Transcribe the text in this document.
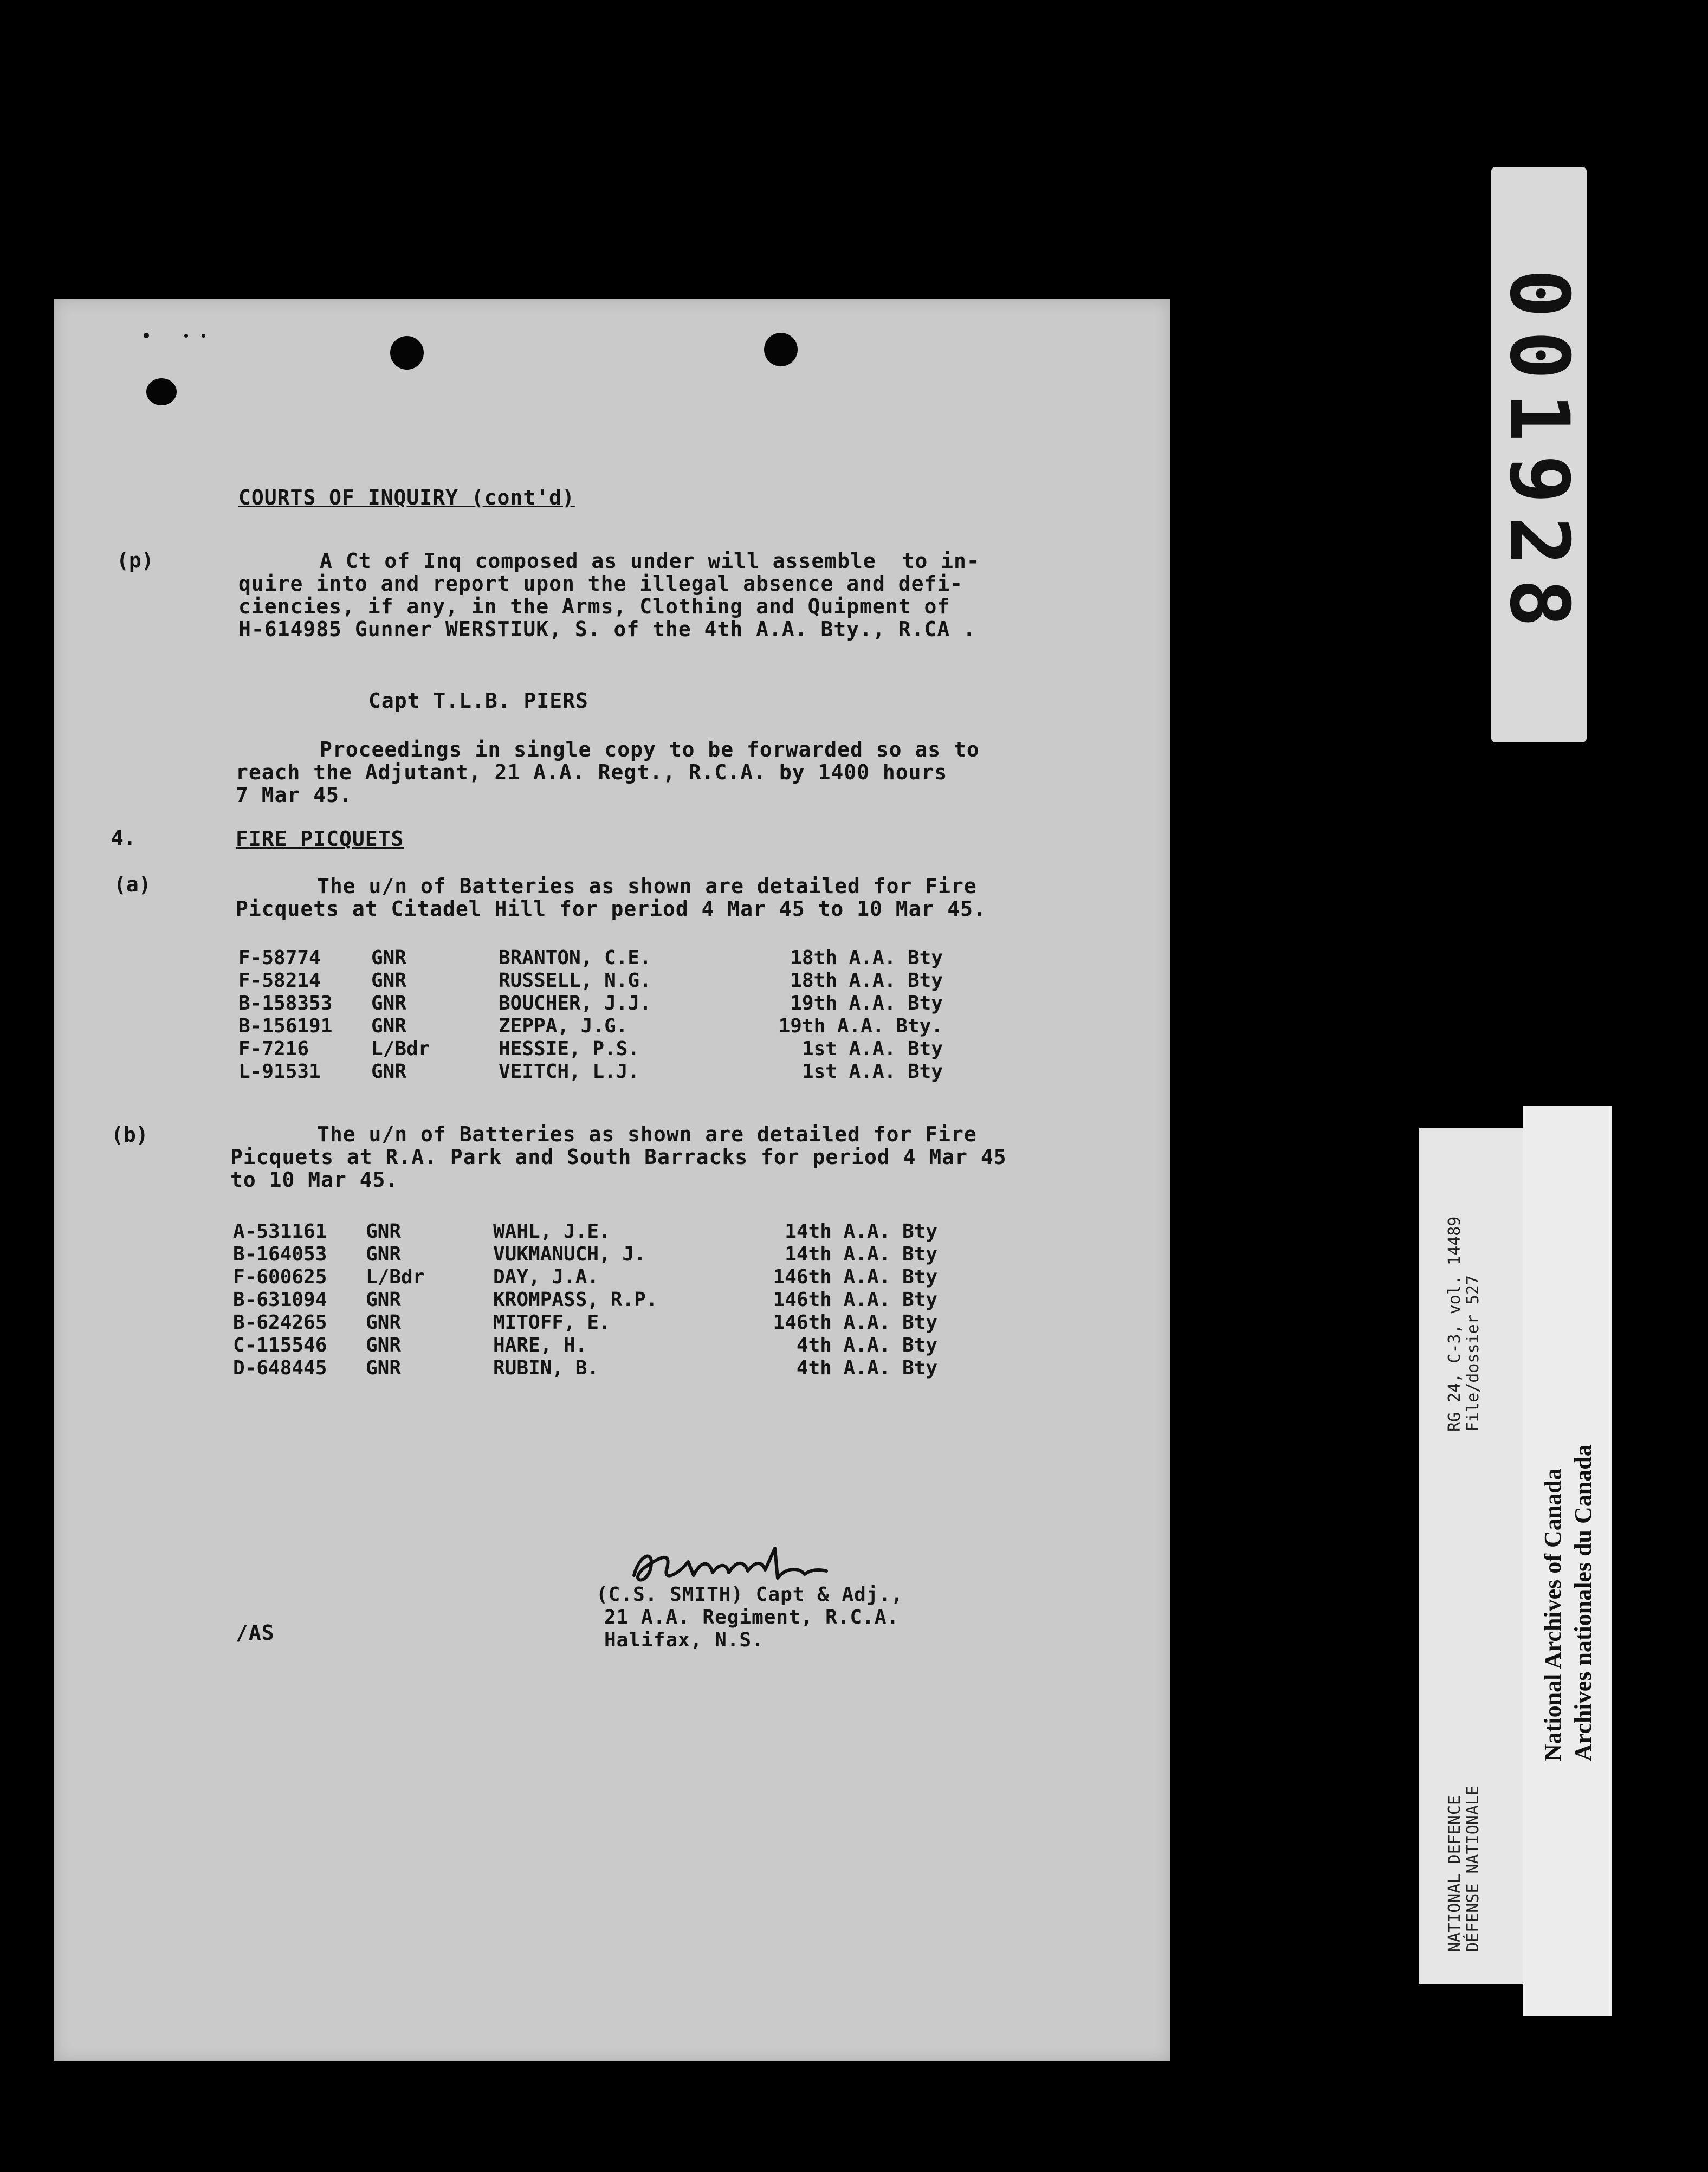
COURTS OF INQUIRY (cont'd)
(p)	A Ct of Inq composed as under will assemble  to in-
quire into and report upon the illegal absence and defi-
ciencies, if any, in the Arms, Clothing and Quipment of
H-614985 Gunner WERSTIUK, S. of the 4th A.A. Bty., R.CA .
Capt T.L.B. PIERS
Proceedings in single copy to be forwarded so as to
reach the Adjutant, 21 A.A. Regt., R.C.A. by 1400 hours
7 Mar 45.
4.	FIRE PICQUETS
(a)	The u/n of Batteries as shown are detailed for Fire
Picquets at Citadel Hill for period 4 Mar 45 to 10 Mar 45.
F-58774	GNR	BRANTON, C.E.	18th A.A. Bty
F-58214	GNR	RUSSELL, N.G.	18th A.A. Bty
B-158353 GNR	BOUCHER, J.J.	19th A.A. Bty
B-156191 GNR	ZEPPA, J.G.	19th A.A. Bty.
F-7216	L/Bdr	HESSIE, P.S.	1st A.A. Bty
L-91531	GNR	VEITCH, L.J.	1st A.A. Bty
(b)	The u/n of Batteries as shown are detailed for Fire
Picquets at R.A. Park and South Barracks for period 4 Mar 45
to 10 Mar 45.
A-531161 GNR	WAHL, J.E.	14th A.A. Bty
B-164053 GNR	VUKMANUCH, J.	14th A.A. Bty
F-600625 L/Bdr	DAY, J.A.	146th A.A. Bty
B-631094 GNR	KROMPASS, R.P.	146th A.A. Bty
B-624265 GNR	MITOFF, E.	146th A.A. Bty
C-115546 GNR	HARE, H.	4th A.A. Bty
D-648445 GNR	RUBIN, B.	4th A.A. Bty
(C.S. SMITH) Capt & Adj.,
21 A.A. Regiment, R.C.A.
Halifax, N.S.
/AS
001928
NATIONAL DEFENCE DÉFENSE NATIONALE
RG 24, C-3, vol. 14489 File/dossier 527
National Archives of Canada Archives nationales du Canada
